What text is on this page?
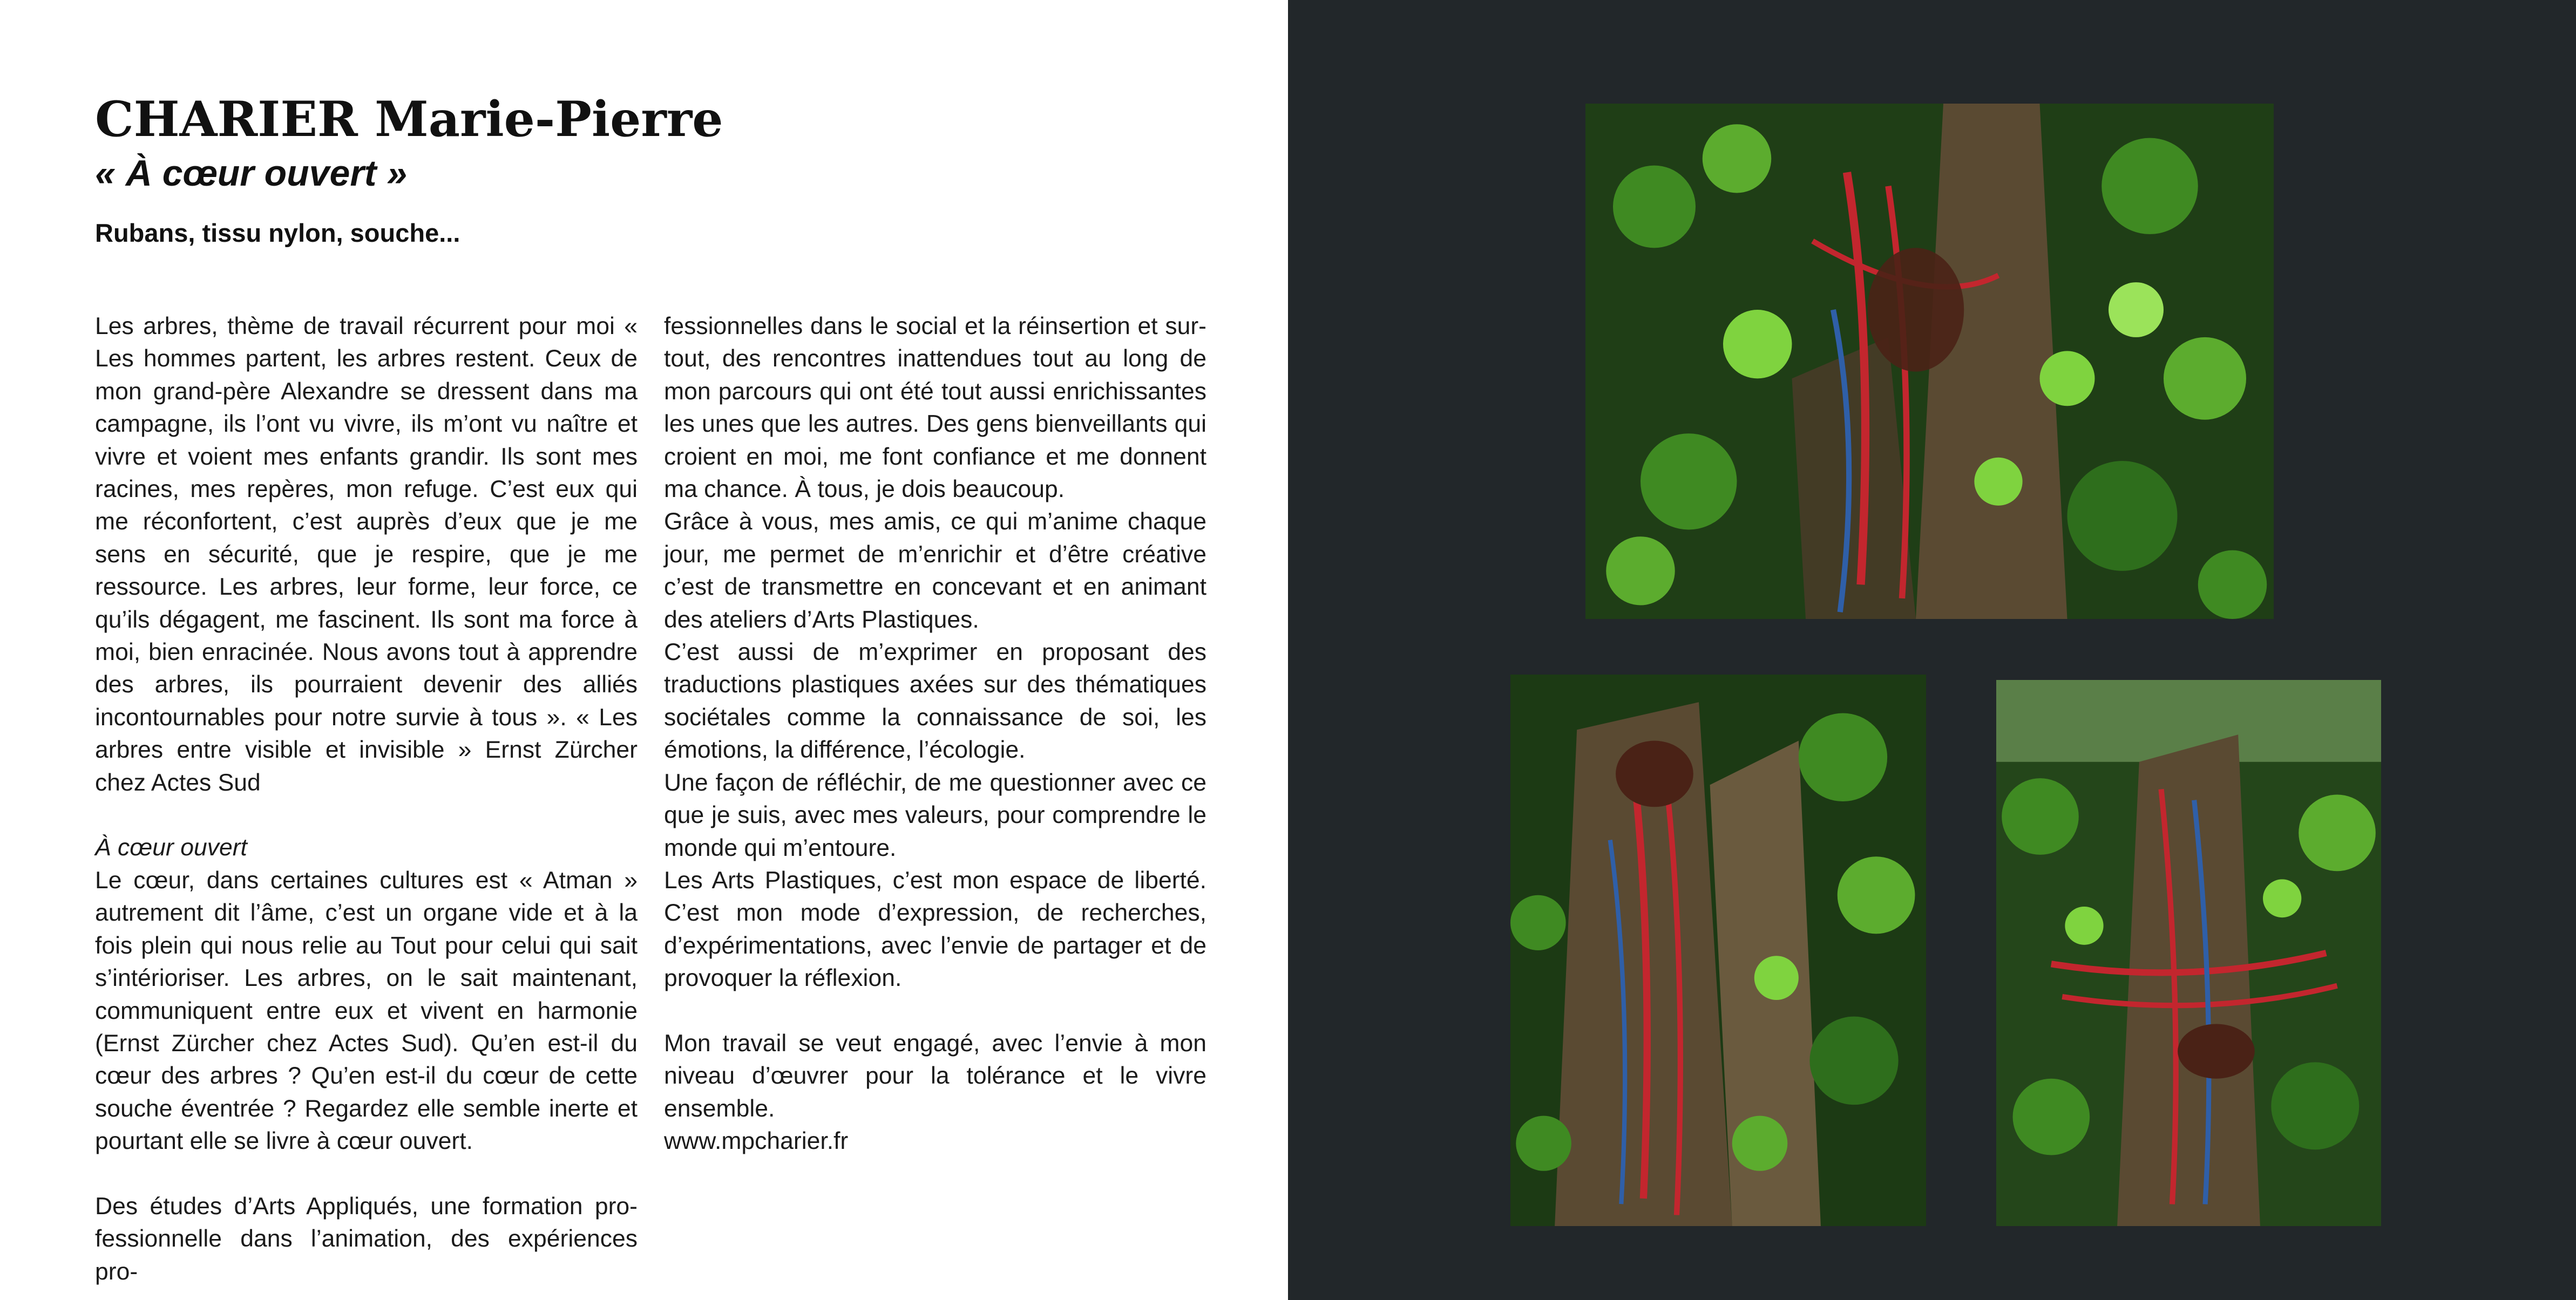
CHARIER Marie-Pierre
« À cœur ouvert »

Rubans, tissu nylon, souche...

Les arbres, thème de travail récurrent pour moi « Les hommes partent, les arbres restent. Ceux de mon grand-père Alexandre se dressent dans ma campagne, ils l’ont vu vivre, ils m’ont vu naître et vivre et voient mes enfants grandir. Ils sont mes racines, mes repères, mon refuge. C’est eux qui me réconfortent, c’est auprès d’eux que je me sens en sécurité, que je respire, que je me ressource. Les arbres, leur forme, leur force, ce qu’ils dégagent, me fascinent. Ils sont ma force à moi, bien enracinée. Nous avons tout à apprendre des arbres, ils pourraient devenir des alliés incontournables pour notre survie à tous ». « Les arbres entre visible et invisible » Ernst Zürcher chez Actes Sud

À cœur ouvert

Le cœur, dans certaines cultures est « Atman » autrement dit l’âme, c’est un organe vide et à la fois plein qui nous relie au Tout pour celui qui sait s’intérioriser. Les arbres, on le sait maintenant, communiquent entre eux et vivent en harmonie (Ernst Zürcher chez Actes Sud). Qu’en est-il du cœur des arbres ? Qu’en est-il du cœur de cette souche éventrée ? Regardez elle semble inerte et pourtant elle se livre à cœur ouvert.

Des études d’Arts Appliqués, une formation pro-fessionnelle dans l’animation, des expériences pro-

fessionnelles dans le social et la réinsertion et sur-tout, des rencontres inattendues tout au long de mon parcours qui ont été tout aussi enrichissantes les unes que les autres. Des gens bienveillants qui croient en moi, me font confiance et me donnent ma chance. À tous, je dois beaucoup.

Grâce à vous, mes amis, ce qui m’anime chaque jour, me permet de m’enrichir et d’être créative c’est de transmettre en concevant et en animant des ateliers d’Arts Plastiques.

C’est aussi de m’exprimer en proposant des traductions plastiques axées sur des thématiques sociétales comme la connaissance de soi, les émotions, la différence, l’écologie.

Une façon de réfléchir, de me questionner avec ce que je suis, avec mes valeurs, pour comprendre le monde qui m’entoure.

Les Arts Plastiques, c’est mon espace de liberté. C’est mon mode d’expression, de recherches, d’expérimentations, avec l’envie de partager et de provoquer la réflexion.

Mon travail se veut engagé, avec l’envie à mon niveau d’œuvrer pour la tolérance et le vivre ensemble.

www.mpcharier.fr
